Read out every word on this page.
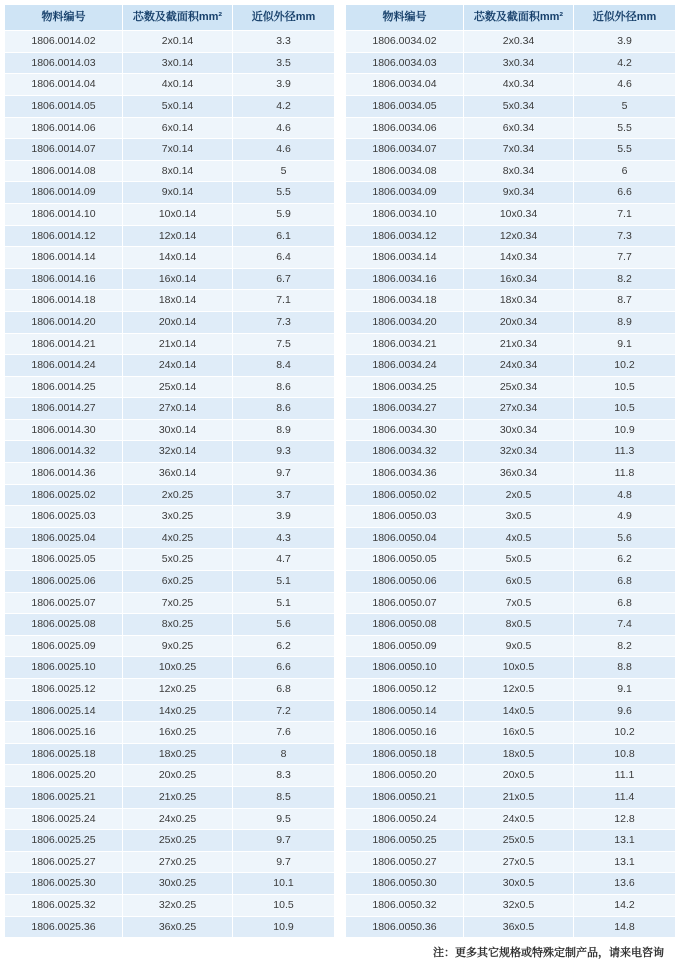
物料编号	芯数及截面积mm²	近似外径mm
1806.0014.02	2x0.14	3.3
1806.0014.03	3x0.14	3.5
1806.0014.04	4x0.14	3.9
1806.0014.05	5x0.14	4.2
1806.0014.06	6x0.14	4.6
1806.0014.07	7x0.14	4.6
1806.0014.08	8x0.14	5
1806.0014.09	9x0.14	5.5
1806.0014.10	10x0.14	5.9
1806.0014.12	12x0.14	6.1
1806.0014.14	14x0.14	6.4
1806.0014.16	16x0.14	6.7
1806.0014.18	18x0.14	7.1
1806.0014.20	20x0.14	7.3
1806.0014.21	21x0.14	7.5
1806.0014.24	24x0.14	8.4
1806.0014.25	25x0.14	8.6
1806.0014.27	27x0.14	8.6
1806.0014.30	30x0.14	8.9
1806.0014.32	32x0.14	9.3
1806.0014.36	36x0.14	9.7
1806.0025.02	2x0.25	3.7
1806.0025.03	3x0.25	3.9
1806.0025.04	4x0.25	4.3
1806.0025.05	5x0.25	4.7
1806.0025.06	6x0.25	5.1
1806.0025.07	7x0.25	5.1
1806.0025.08	8x0.25	5.6
1806.0025.09	9x0.25	6.2
1806.0025.10	10x0.25	6.6
1806.0025.12	12x0.25	6.8
1806.0025.14	14x0.25	7.2
1806.0025.16	16x0.25	7.6
1806.0025.18	18x0.25	8
1806.0025.20	20x0.25	8.3
1806.0025.21	21x0.25	8.5
1806.0025.24	24x0.25	9.5
1806.0025.25	25x0.25	9.7
1806.0025.27	27x0.25	9.7
1806.0025.30	30x0.25	10.1
1806.0025.32	32x0.25	10.5
1806.0025.36	36x0.25	10.9
物料编号	芯数及截面积mm²	近似外径mm
1806.0034.02	2x0.34	3.9
1806.0034.03	3x0.34	4.2
1806.0034.04	4x0.34	4.6
1806.0034.05	5x0.34	5
1806.0034.06	6x0.34	5.5
1806.0034.07	7x0.34	5.5
1806.0034.08	8x0.34	6
1806.0034.09	9x0.34	6.6
1806.0034.10	10x0.34	7.1
1806.0034.12	12x0.34	7.3
1806.0034.14	14x0.34	7.7
1806.0034.16	16x0.34	8.2
1806.0034.18	18x0.34	8.7
1806.0034.20	20x0.34	8.9
1806.0034.21	21x0.34	9.1
1806.0034.24	24x0.34	10.2
1806.0034.25	25x0.34	10.5
1806.0034.27	27x0.34	10.5
1806.0034.30	30x0.34	10.9
1806.0034.32	32x0.34	11.3
1806.0034.36	36x0.34	11.8
1806.0050.02	2x0.5	4.8
1806.0050.03	3x0.5	4.9
1806.0050.04	4x0.5	5.6
1806.0050.05	5x0.5	6.2
1806.0050.06	6x0.5	6.8
1806.0050.07	7x0.5	6.8
1806.0050.08	8x0.5	7.4
1806.0050.09	9x0.5	8.2
1806.0050.10	10x0.5	8.8
1806.0050.12	12x0.5	9.1
1806.0050.14	14x0.5	9.6
1806.0050.16	16x0.5	10.2
1806.0050.18	18x0.5	10.8
1806.0050.20	20x0.5	11.1
1806.0050.21	21x0.5	11.4
1806.0050.24	24x0.5	12.8
1806.0050.25	25x0.5	13.1
1806.0050.27	27x0.5	13.1
1806.0050.30	30x0.5	13.6
1806.0050.32	32x0.5	14.2
1806.0050.36	36x0.5	14.8
注：更多其它规格或特殊定制产品，请来电咨询
